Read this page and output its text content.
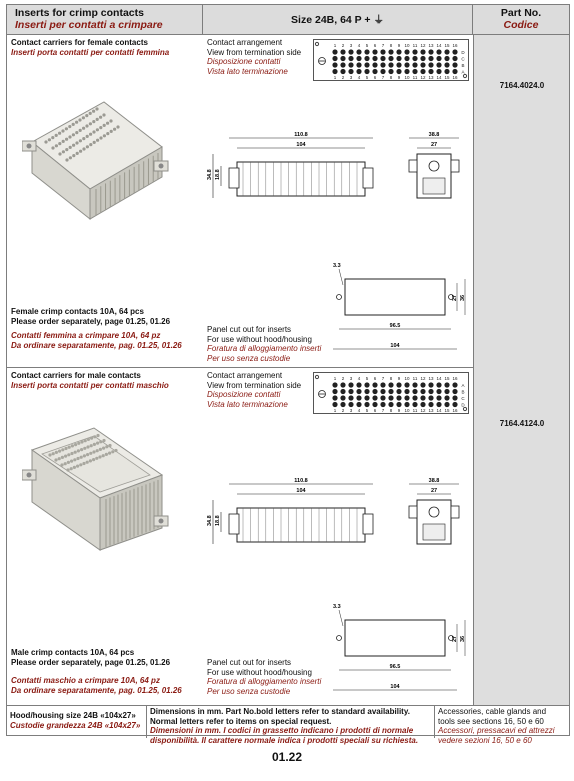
Inserts for crimp contacts
Inserti per contatti a crimpare	Size 24B, 64 P + ⏚
Part No.
Codice
7164.4024.0
7164.4124.0
Contact carriers for female contacts
Inserti porta contatti per contatti femmina
Female crimp contacts 10A, 64 pcs
Please order separately, page 01.25, 01.26
Contatti femmina a crimpare 10A, 64 pz
Da ordinare separatamente, pag. 01.25, 01.26
Contact arrangement
View from termination side
Disposizione contatti
Vista lato terminazione
1
1
2
2
3
3
4
4
5
5
6
6
7
7
8
8
9
9
10
10
11
11
12
12
13
13
14
14
15
15
16
16
D
C
B
A
110.8
104
34.8 18.8
38.8
27
3.3
27 36
96.5
104
Panel cut out for inserts
For use without hood/housing
Foratura di alloggiamento inserti
Per uso senza custodie
Contact carriers for male contacts
Inserti porta contatti per contatti maschio
Male crimp contacts 10A, 64 pcs
Please order separately, page 01.25, 01.26
Contatti maschio a crimpare 10A, 64 pz
Da ordinare separatamente, pag. 01.25, 01.26
Contact arrangement
View from termination side
Disposizione contatti
Vista lato terminazione
1
1
2
2
3
3
4
4
5
5
6
6
7
7
8
8
9
9
10
10
11
11
12
12
13
13
14
14
15
15
16
16
A
B
C
D
110.8
104
34.8 18.8
38.8
27
3.3
27 36
96.5
104
Panel cut out for inserts
For use without hood/housing
Foratura di alloggiamento inserti
Per uso senza custodie
Hood/housing size 24B «104x27»
Custodie grandezza 24B «104x27»
Dimensions in mm. Part No.bold letters refer to standard availability.
Normal letters refer to items on special request.
Dimensioni in mm. I codici in grassetto indicano i prodotti di normale
disponibilità. Il carattere normale indica i prodotti speciali su richiesta.
Accessories, cable glands and
tools see sections 16, 50 e 60
Accessori, pressacavi ed attrezzi
vedere sezioni 16, 50 e 60
01.22
